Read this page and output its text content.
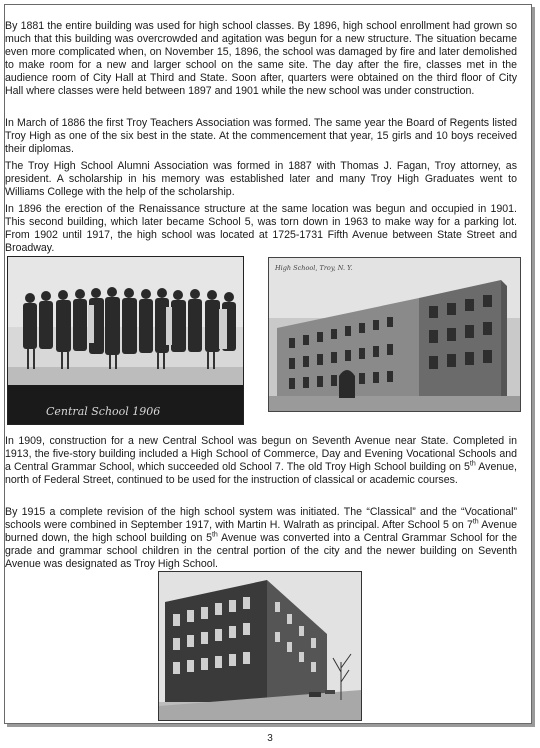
By 1881 the entire building was used for high school classes. By 1896, high school enrollment had grown so much that this building was overcrowded and agitation was begun for a new structure. The situation became even more complicated when, on November 15, 1896, the school was damaged by fire and later demolished to make room for a new and larger school on the same site. The day after the fire, classes met in the audience room of City Hall at Third and State. Soon after, quarters were obtained on the third floor of City Hall where classes were held between 1897 and 1901 while the new school was under construction.

In March of 1886 the first Troy Teachers Association was formed. The same year the Board of Regents listed Troy High as one of the six best in the state. At the commencement that year, 15 girls and 10 boys received their diplomas.

The Troy High School Alumni Association was formed in 1887 with Thomas J. Fagan, Troy attorney, as president. A scholarship in his memory was established later and many Troy High Graduates went to Williams College with the help of the scholarship.

In 1896 the erection of the Renaissance structure at the same location was begun and occupied in 1901. This second building, which later became School 5, was torn down in 1963 to make way for a parking lot. From 1902 until 1917, the high school was located at 1725-1731 Fifth Avenue between State Street and Broadway.

Central School 1906
High School, Troy, N. Y.

In 1909, construction for a new Central School was begun on Seventh Avenue near State. Completed in 1913, the five-story building included a High School of Commerce, Day and Evening Vocational Schools and a Central Grammar School, which succeeded old School 7. The old Troy High School building on 5th Avenue, north of Federal Street, continued to be used for the instruction of classical or academic courses.

By 1915 a complete revision of the high school system was initiated. The “Classical” and the “Vocational” schools were combined in September 1917, with Martin H. Walrath as principal. After School 5 on 7th Avenue burned down, the high school building on 5th Avenue was converted into a Central Grammar School for the grade and grammar school children in the central portion of the city and the newer building on Seventh Avenue was designated as Troy High School.

3
